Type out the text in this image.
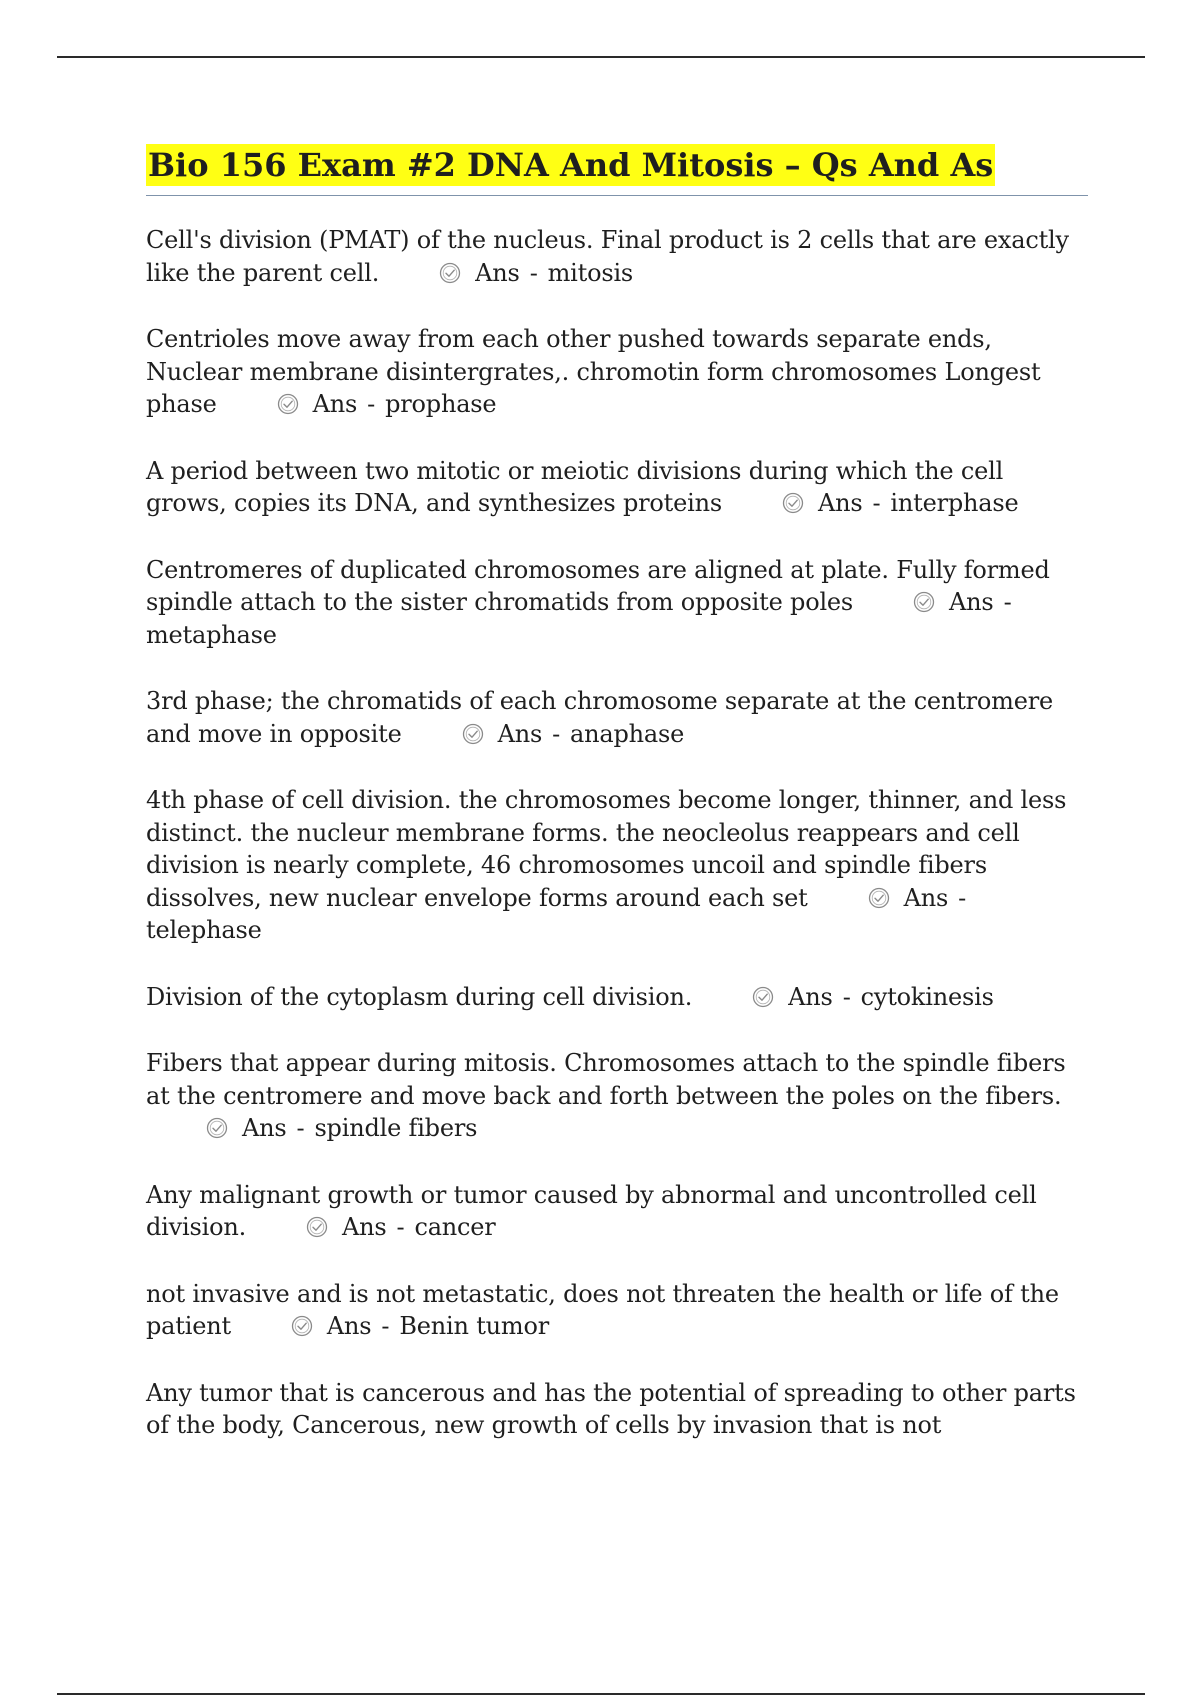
Bio 156 Exam #2 DNA And Mitosis – Qs And As

Cell's division (PMAT) of the nucleus. Final product is 2 cells that are exactly like the parent cell.	Ans - mitosis

Centrioles move away from each other pushed towards separate ends, Nuclear membrane disintergrates,. chromotin form chromosomes Longest phase	Ans - prophase

A period between two mitotic or meiotic divisions during which the cell grows, copies its DNA, and synthesizes proteins	Ans - interphase

Centromeres of duplicated chromosomes are aligned at plate. Fully formed spindle attach to the sister chromatids from opposite poles	Ans -metaphase

3rd phase; the chromatids of each chromosome separate at the centromere and move in opposite	Ans - anaphase

4th phase of cell division. the chromosomes become longer, thinner, and less distinct. the nucleur membrane forms. the neocleolus reappears and cell division is nearly complete, 46 chromosomes uncoil and spindle fibers dissolves, new nuclear envelope forms around each set	Ans -telephase

Division of the cytoplasm during cell division.	Ans - cytokinesis

Fibers that appear during mitosis. Chromosomes attach to the spindle fibers at the centromere and move back and forth between the poles on the fibers.
Ans - spindle fibers

Any malignant growth or tumor caused by abnormal and uncontrolled cell division.	Ans - cancer

not invasive and is not metastatic, does not threaten the health or life of the patient	Ans - Benin tumor

Any tumor that is cancerous and has the potential of spreading to other parts of the body, Cancerous, new growth of cells by invasion that is not
